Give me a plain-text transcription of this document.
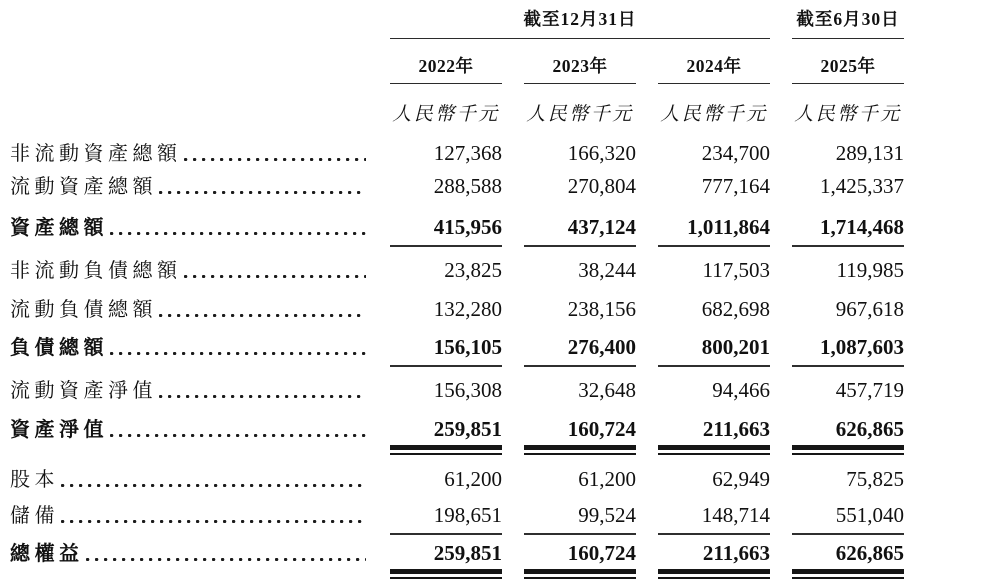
截至12月31日	截至6月30日
2022年	2023年	2024年	2025年
人民幣千元 人民幣千元 人民幣千元 人民幣千元
非流動資產總額	127,368	166,320	234,700	289,131
流動資產總額	288,588	270,804	777,164	1,425,337
資產總額	415,956	437,124	1,011,864	1,714,468
非流動負債總額	23,825	38,244	117,503	119,985
流動負債總額	132,280	238,156	682,698	967,618
負債總額	156,105	276,400	800,201	1,087,603
流動資產淨值	156,308	32,648	94,466	457,719
資產淨值	259,851	160,724	211,663	626,865
股本	61,200	61,200	62,949	75,825
儲備	198,651	99,524	148,714	551,040
總權益	259,851	160,724	211,663	626,865
